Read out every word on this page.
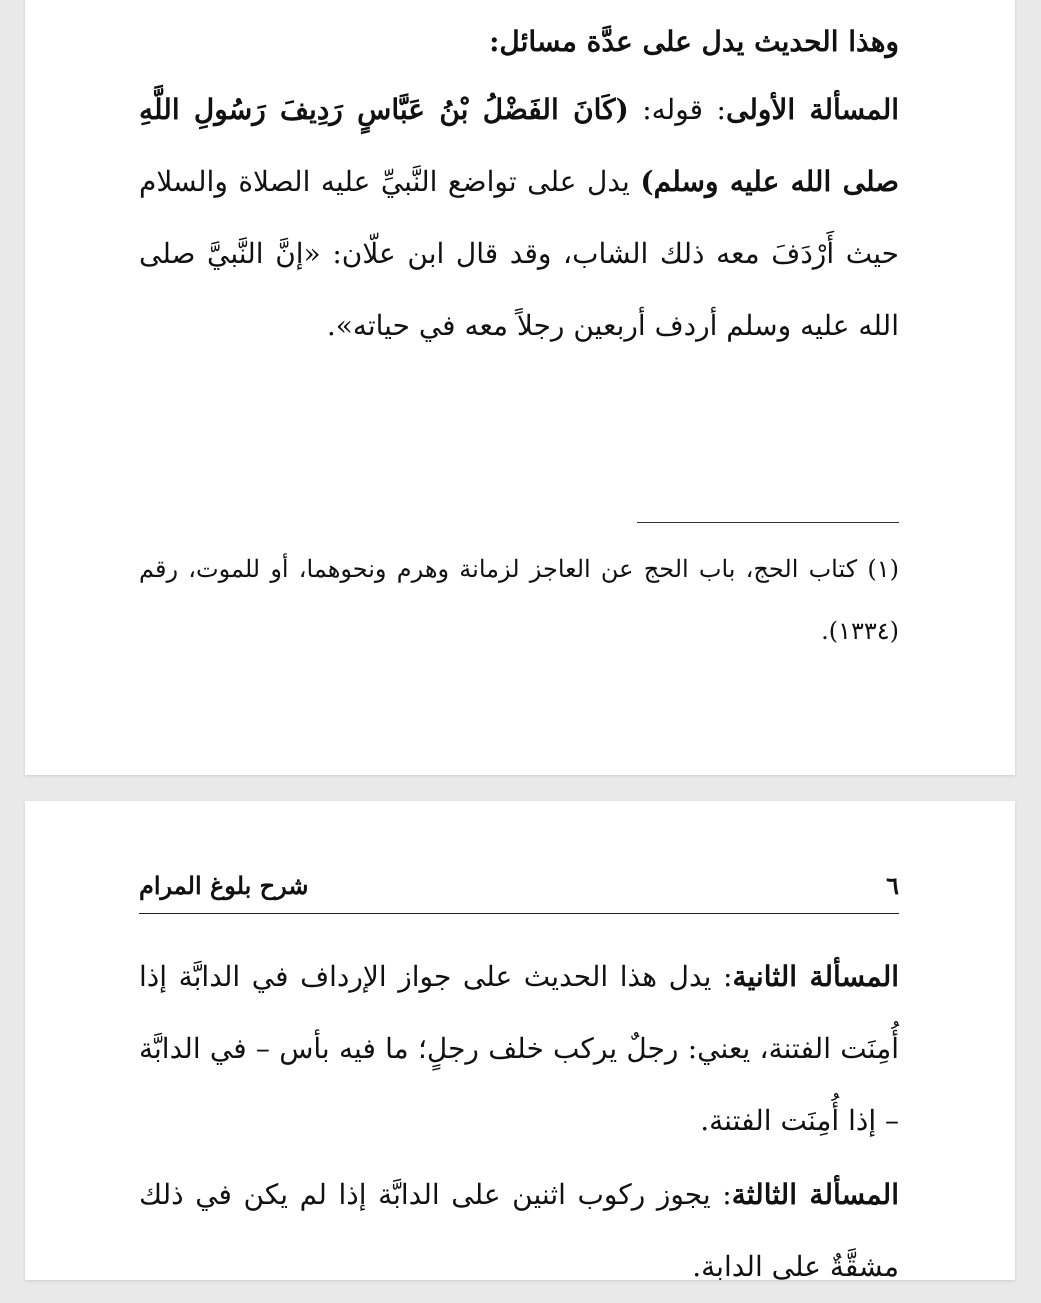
وهذا الحديث يدل على عدَّة مسائل:
المسألة الأولى: قوله: (كَانَ الفَضْلُ بْنُ عَبَّاسٍ رَدِيفَ رَسُولِ اللَّهِ صلى الله عليه وسلم) يدل على تواضع النَّبيِّ عليه الصلاة والسلام حيث أَرْدَفَ معه ذلك الشاب، وقد قال ابن علّان: «إنَّ النَّبيَّ صلى الله عليه وسلم أردف أربعين رجلاً معه في حياته».
(١) كتاب الحج، باب الحج عن العاجز لزمانة وهرم ونحوهما، أو للموت، رقم (١٣٣٤).
٦
شرح بلوغ المرام
المسألة الثانية: يدل هذا الحديث على جواز الإرداف في الدابَّة إذا أُمِنَت الفتنة، يعني: رجلٌ يركب خلف رجلٍ؛ ما فيه بأس – في الدابَّة – إذا أُمِنَت الفتنة.
المسألة الثالثة: يجوز ركوب اثنين على الدابَّة إذا لم يكن في ذلك مشقَّةٌ على الدابة.
